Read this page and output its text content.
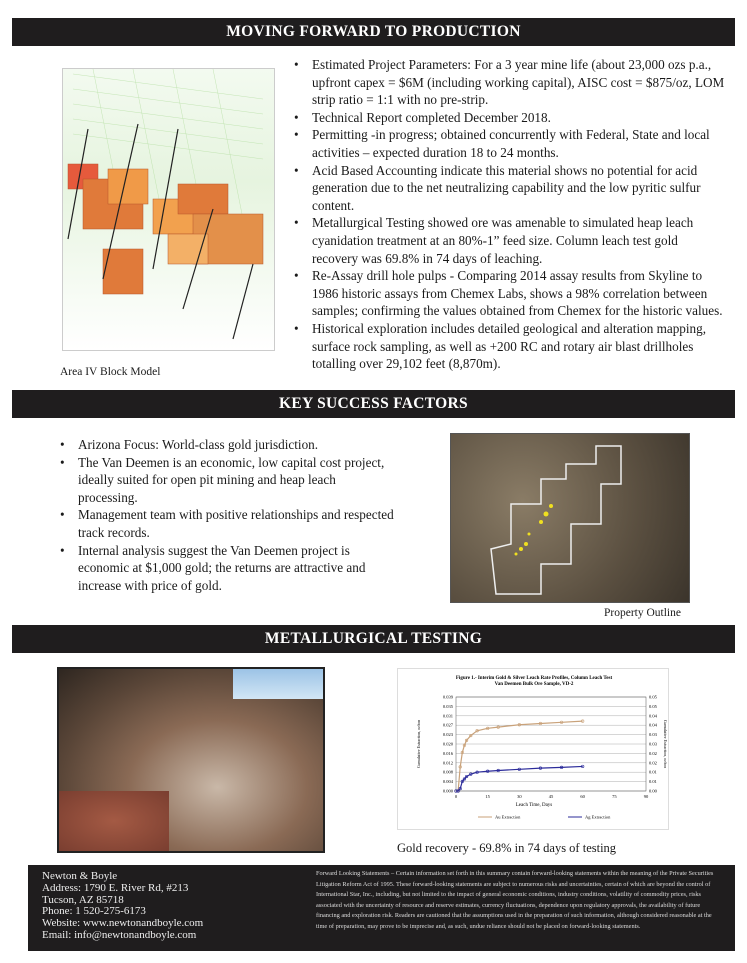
MOVING FORWARD TO PRODUCTION
Area IV Block Model
• Estimated Project Parameters: For a 3 year mine life (about 23,000 ozs p.a., upfront capex = $6M (including working capital), AISC cost = $875/oz, LOM strip ratio = 1:1 with no pre-strip.
• Technical Report completed December 2018.
• Permitting -in progress; obtained concurrently with Federal, State and local activities – expected duration 18 to 24 months.
• Acid Based Accounting indicate this material shows no potential for acid generation due to the net neutralizing capability and the low pyritic sulfur content.
• Metallurgical Testing showed ore was amenable to simulated heap leach cyanidation treatment at an 80%-1” feed size. Column leach test gold recovery was 69.8% in 74 days of leaching.
• Re-Assay drill hole pulps - Comparing 2014 assay results from Skyline to 1986 historic assays from Chemex Labs, shows a 98% correlation between samples; confirming the values obtained from Chemex for the historic values.
• Historical exploration includes detailed geological and alteration mapping, surface rock sampling, as well as +200 RC and rotary air blast drillholes totalling over 29,102 feet (8,870m).
KEY SUCCESS FACTORS
• Arizona Focus: World-class gold jurisdiction.
• The Van Deemen is an economic, low capital cost project, ideally suited for open pit mining and heap leach processing.
• Management team with positive relationships and respected track records.
• Internal analysis suggest the Van Deemen project is economic at $1,000 gold; the returns are attractive and increase with price of gold.
Property Outline
METALLURGICAL TESTING
Figure 1.- Interim Gold & Silver Leach Rate Profiles, Column Leach Test
Van Deemen Bulk Ore Sample, VD-2
0.000	0.00
0.004	0.01
0.008	0.01
0.012	0.02
0.016	0.02
0.020	0.03
0.023	0.03
0.027	0.04
0.031	0.04
0.035	0.05
0.039	0.05
0	15	30	45	60	75	90
Leach Time, Days
Cumulative Extraction, oz/ton	Cumulative Extraction, oz/ton
Au Extraction	Ag Extraction
Gold recovery - 69.8% in 74 days of testing
Newton & Boyle
Address: 1790 E. River Rd, #213
Tucson, AZ 85718
Phone: 1 520-275-6173
Website: www.newtonandboyle.com
Email: info@newtonandboyle.com
Forward Looking Statements – Certain information set forth in this summary contain forward-looking statements within the meaning of the Private Securities Litigation Reform Act of 1995. These forward-looking statements are subject to numerous risks and uncertainties, certain of which are beyond the control of International Star, Inc., including, but not limited to the impact of general economic conditions, industry conditions, volatility of commodity prices, risks associated with the uncertainty of resource and reserve estimates, currency fluctuations, dependence upon regulatory approvals, the availability of future financing and exploration risk. Readers are cautioned that the assumptions used in the preparation of such information, although considered reasonable at the time of preparation, may prove to be imprecise and, as such, undue reliance should not be placed on forward-looking statements.
